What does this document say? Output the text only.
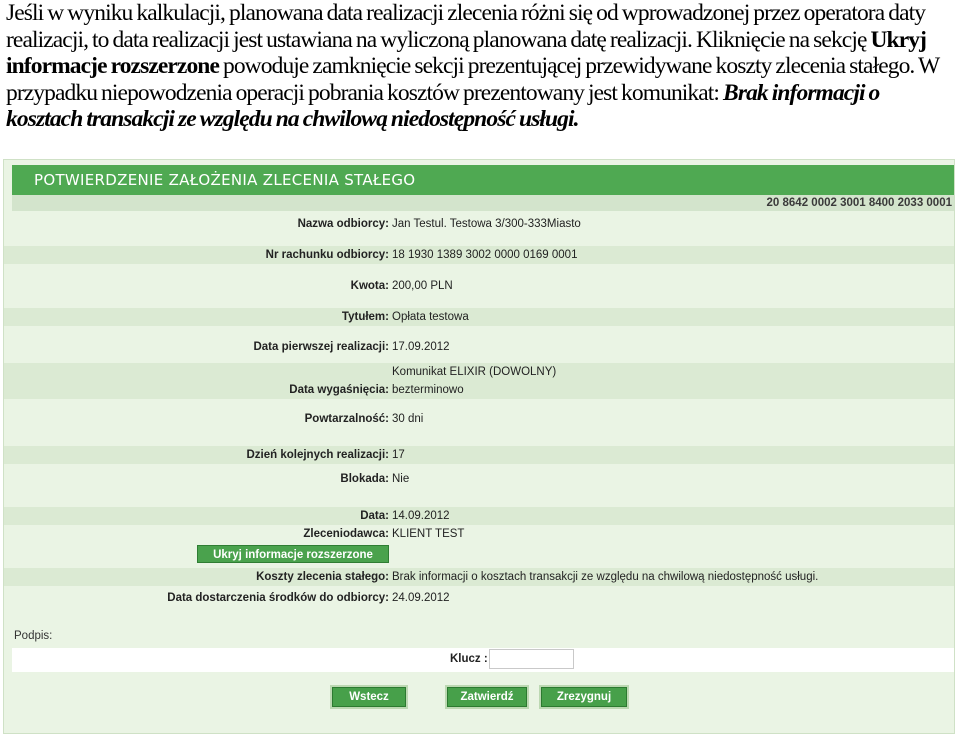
Jeśli w wyniku kalkulacji, planowana data realizacji zlecenia różni się od wprowadzonej przez operatora daty realizacji, to data realizacji jest ustawiana na wyliczoną planowana datę realizacji. Kliknięcie na sekcję Ukryj informacje rozszerzone powoduje zamknięcie sekcji prezentującej przewidywane koszty zlecenia stałego. W przypadku niepowodzenia operacji pobrania kosztów prezentowany jest komunikat: Brak informacji o kosztach transakcji ze względu na chwilową niedostępność usługi.
POTWIERDZENIE ZAŁOŻENIA ZLECENIA STAŁEGO
20 8642 0002 3001 8400 2033 0001
Nazwa odbiorcy: Jan Testul. Testowa 3/300-333Miasto
Nr rachunku odbiorcy: 18 1930 1389 3002 0000 0169 0001
Kwota: 200,00 PLN
Tytułem: Opłata testowa
Data pierwszej realizacji: 17.09.2012
Komunikat ELIXIR (DOWOLNY)
Data wygaśnięcia: bezterminowo
Powtarzalność: 30 dni
Dzień kolejnych realizacji: 17
Blokada: Nie
Data: 14.09.2012
Zleceniodawca: KLIENT TEST
Ukryj informacje rozszerzone
Koszty zlecenia stałego: Brak informacji o kosztach transakcji ze względu na chwilową niedostępność usługi.
Data dostarczenia środków do odbiorcy: 24.09.2012
Podpis:
Klucz :
Wstecz	Zatwierdź	Zrezygnuj
